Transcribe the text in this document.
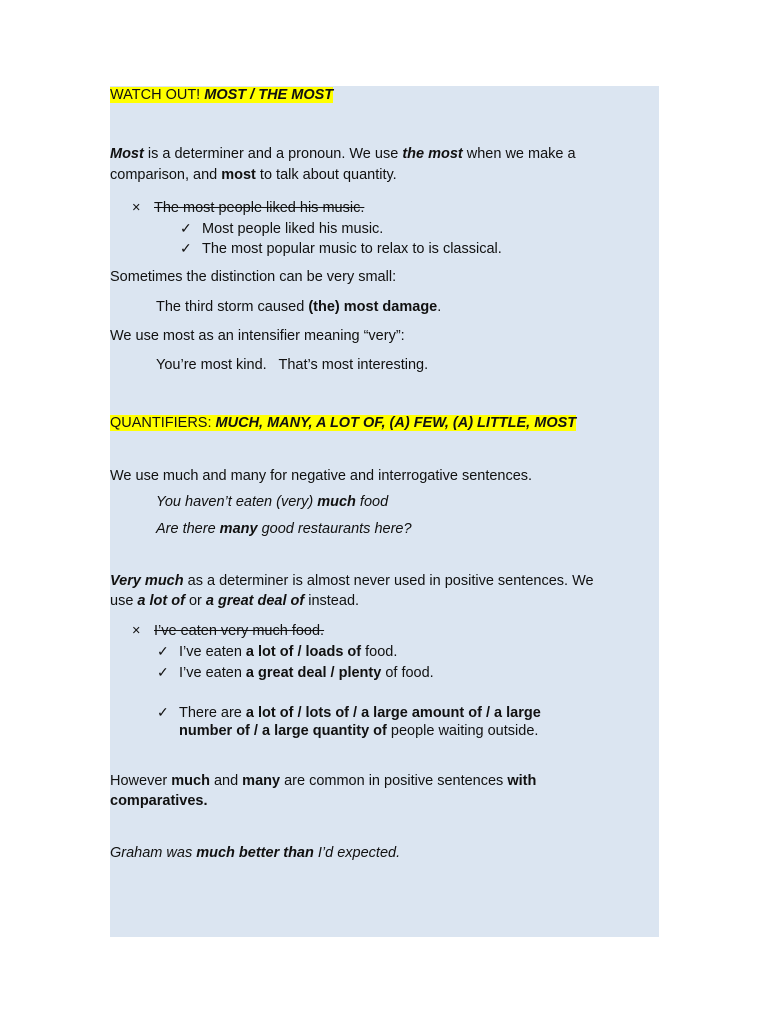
WATCH OUT! MOST / THE MOST
Most is a determiner and a pronoun. We use the most when we make a
comparison, and most to talk about quantity.
× The most people liked his music.
✓ Most people liked his music.
✓ The most popular music to relax to is classical.
Sometimes the distinction can be very small:
The third storm caused (the) most damage.
We use most as an intensifier meaning “very”:
You’re most kind.   That’s most interesting.
QUANTIFIERS: MUCH, MANY, A LOT OF, (A) FEW, (A) LITTLE, MOST
We use much and many for negative and interrogative sentences.
You haven’t eaten (very) much food
Are there many good restaurants here?
Very much as a determiner is almost never used in positive sentences. We
use a lot of or a great deal of instead.
× I’ve eaten very much food.
✓ I’ve eaten a lot of / loads of food.
✓ I’ve eaten a great deal / plenty of food.
✓ There are a lot of / lots of / a large amount of / a large
number of / a large quantity of people waiting outside.
However much and many are common in positive sentences with
comparatives.
Graham was much better than I’d expected.
